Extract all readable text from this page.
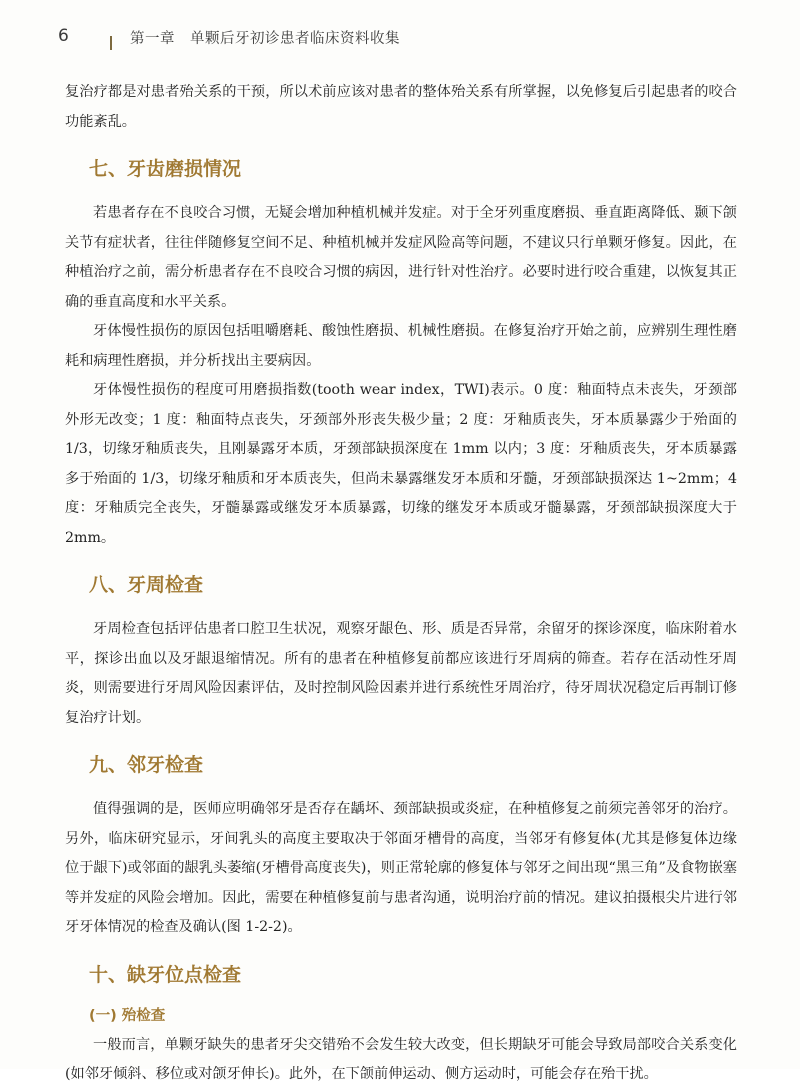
6	第一章　单颗后牙初诊患者临床资料收集

复治疗都是对患者殆关系的干预，所以术前应该对患者的整体殆关系有所掌握，以免修复后引起患者的咬合功能紊乱。

七、牙齿磨损情况

若患者存在不良咬合习惯，无疑会增加种植机械并发症。对于全牙列重度磨损、垂直距离降低、颞下颌关节有症状者，往往伴随修复空间不足、种植机械并发症风险高等问题，不建议只行单颗牙修复。因此，在种植治疗之前，需分析患者存在不良咬合习惯的病因，进行针对性治疗。必要时进行咬合重建，以恢复其正确的垂直高度和水平关系。

牙体慢性损伤的原因包括咀嚼磨耗、酸蚀性磨损、机械性磨损。在修复治疗开始之前，应辨别生理性磨耗和病理性磨损，并分析找出主要病因。

牙体慢性损伤的程度可用磨损指数(tooth wear index，TWI)表示。0 度：釉面特点未丧失，牙颈部外形无改变；1 度：釉面特点丧失，牙颈部外形丧失极少量；2 度：牙釉质丧失，牙本质暴露少于殆面的 1/3，切缘牙釉质丧失，且刚暴露牙本质，牙颈部缺损深度在 1mm 以内；3 度：牙釉质丧失，牙本质暴露多于殆面的 1/3，切缘牙釉质和牙本质丧失，但尚未暴露继发牙本质和牙髓，牙颈部缺损深达 1~2mm；4 度：牙釉质完全丧失，牙髓暴露或继发牙本质暴露，切缘的继发牙本质或牙髓暴露，牙颈部缺损深度大于 2mm。

八、牙周检查

牙周检查包括评估患者口腔卫生状况，观察牙龈色、形、质是否异常，余留牙的探诊深度，临床附着水平，探诊出血以及牙龈退缩情况。所有的患者在种植修复前都应该进行牙周病的筛查。若存在活动性牙周炎，则需要进行牙周风险因素评估，及时控制风险因素并进行系统性牙周治疗，待牙周状况稳定后再制订修复治疗计划。

九、邻牙检查

值得强调的是，医师应明确邻牙是否存在龋坏、颈部缺损或炎症，在种植修复之前须完善邻牙的治疗。另外，临床研究显示，牙间乳头的高度主要取决于邻面牙槽骨的高度，当邻牙有修复体(尤其是修复体边缘位于龈下)或邻面的龈乳头萎缩(牙槽骨高度丧失)，则正常轮廓的修复体与邻牙之间出现“黑三角”及食物嵌塞等并发症的风险会增加。因此，需要在种植修复前与患者沟通，说明治疗前的情况。建议拍摄根尖片进行邻牙牙体情况的检查及确认(图 1-2-2)。

十、缺牙位点检查
(一) 殆检查

一般而言，单颗牙缺失的患者牙尖交错殆不会发生较大改变，但长期缺牙可能会导致局部咬合关系变化(如邻牙倾斜、移位或对颌牙伸长)。此外，在下颌前伸运动、侧方运动时，可能会存在殆干扰。
